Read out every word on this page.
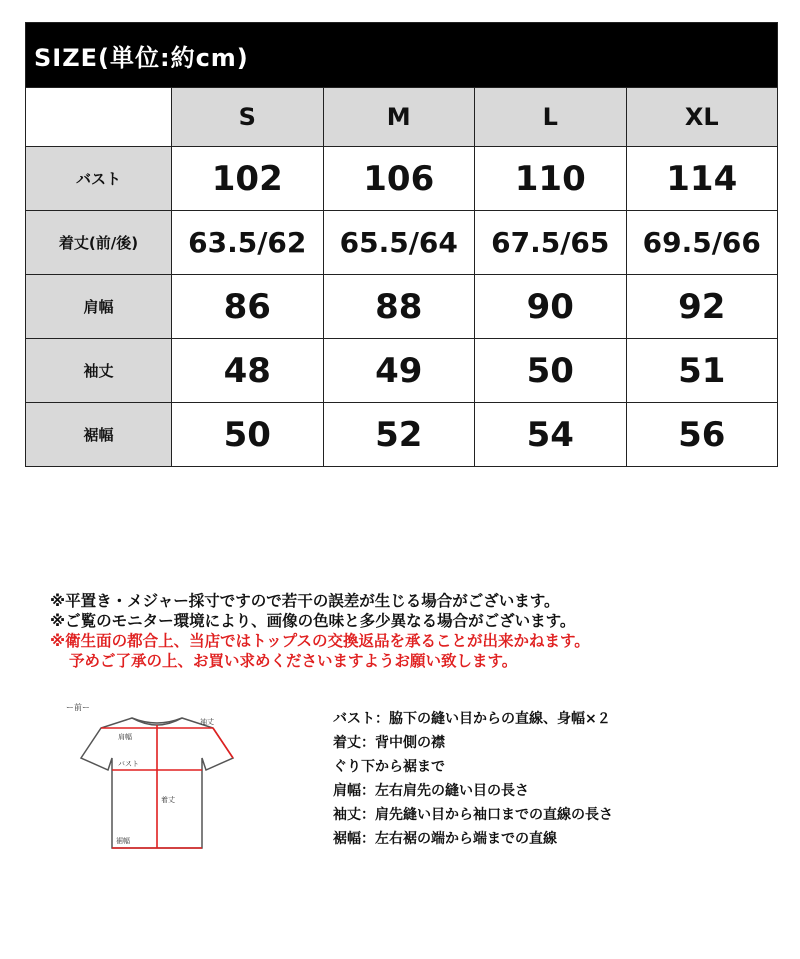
SIZE(単位:約cm)				
	S	M	L	XL
バスト	102	106	110	114
着丈(前/後)	63.5/62	65.5/64	67.5/65	69.5/66
肩幅	86	88	90	92
袖丈	48	49	50	51
裾幅	50	52	54	56
※平置き・メジャー採寸ですので若干の誤差が生じる場合がございます。
※ご覧のモニター環境により、画像の色味と多少異なる場合がございます。
※衛生面の都合上、当店ではトップスの交換返品を承ることが出来かねます。
予めご了承の上、お買い求めくださいますようお願い致します。
ー前ー
肩幅
袖丈
バスト
着丈
裾幅
バスト：脇下の縫い目からの直線、身幅×２
着丈：背中側の襟
ぐり下から裾まで
肩幅：左右肩先の縫い目の長さ
袖丈：肩先縫い目から袖口までの直線の長さ
裾幅：左右裾の端から端までの直線
